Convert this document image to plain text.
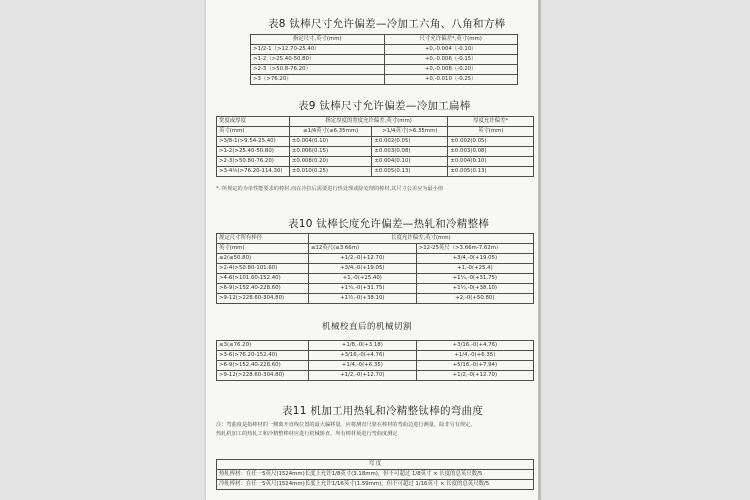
表8 钛棒尺寸允许偏差—冷加工六角、八角和方棒
指定尺寸,英寸(mm)	尺寸允许偏差*,英寸(mm)
>1/2-1（>12.70-25.40）	+0,-0.004（-0.10）
>1-2（>25.40-50.80）	+0,-0.006（-0.15）
>2-3（>50.8-76.20）	+0,-0.008（-0.20）
>3（>76.20）	+0,-0.010（-0.25）
表9 钛棒尺寸允许偏差—冷加工扁棒
宽度或厚度	指定厚度的宽度允许偏差,英寸(mm)		厚度允许偏差*
英寸(mm)	≤1/4英寸(≤6.35mm)	>1/4英寸(>6.35mm)	英寸(mm)
>3/8-1(>9.54-25.40)	±0.004(0.10)	±0.002(0.05)	±0.002(0.05)
>1-2(>25.40-50.80)	±0.006(0.15)	±0.003(0.08)	±0.003(0.08)
>2-3(>50.80-76.20)	±0.008(0.20)	±0.004(0.10)	±0.004(0.10)
>3-4½(>76.20-114.30)	±0.010(0.25)	±0.005(0.13)	±0.005(0.13)
*. 所规定的为单性能要求的棒材,而在冷拉后需要进行热处理或除处理的棒材,其尺寸公差应为最小值
表10 钛棒长度允许偏差—热轧和冷精整棒
规定尺寸所有棒径	长度允许偏差,英寸(mm)	
英寸(mm)	≤12英尺(≤3.66m)	>12-25英尺（>3.66m-7.62m）
≤2(≤50.80)	+1/2,-0(+12.70)	+3/4,-0(+19.05)
>2-4(>50.80-101.60)	+3/4,-0(+19.05)	+1,-0(+25.4)
>4-6(>101.60-152.40)	+1,-0(+25.40)	+1¼,-0(+31.75)
>6-9(>152.40-228.60)	+1¼,-0(+31.75)	+1½,-0(+38.10)
>9-12(>228.60-304.80)	+1½,-0(+38.10)	+2,-0(+50.80)
机械校直后的机械切割
≤3(≤76.20)	+1/8,-0(+3.18)	+3/16,-0(+4.76)
>3-6(>76.20-152.40)	+3/16,-0(+4.76)	+1/4,-0(+6.35)
>6-9(>152.40-228.60)	+1/4,-0(+6.35)	+5/16,-0(+7.94)
>9-12(>228.60-304.80)	+1/2,-0(+12.70)	+1/2,-0(+12.70)
表11 机加工用热轧和冷精整钛棒的弯曲度
注：弯曲度是指棒材的一侧离开直线位置的最大偏移量。应将测直尺靠在棒材的弯曲边进行测量。除非另有规定，
热轧机加工的热轧工和冷精整棒材应进行机械矫直。所有棒材须进行弯曲度测定
弯 度
热轧棒材：在任一5英尺(1524mm)长度上允许1/8英寸(3.18mm)，但不可超过 1/8英寸 × 长度的总英尺数/5
冷轧棒材：在任一5英尺(1524mm)长度上允许1/16英寸(1.59mm)，但不可超过 1/16英寸 × 长度的总英尺数/5
